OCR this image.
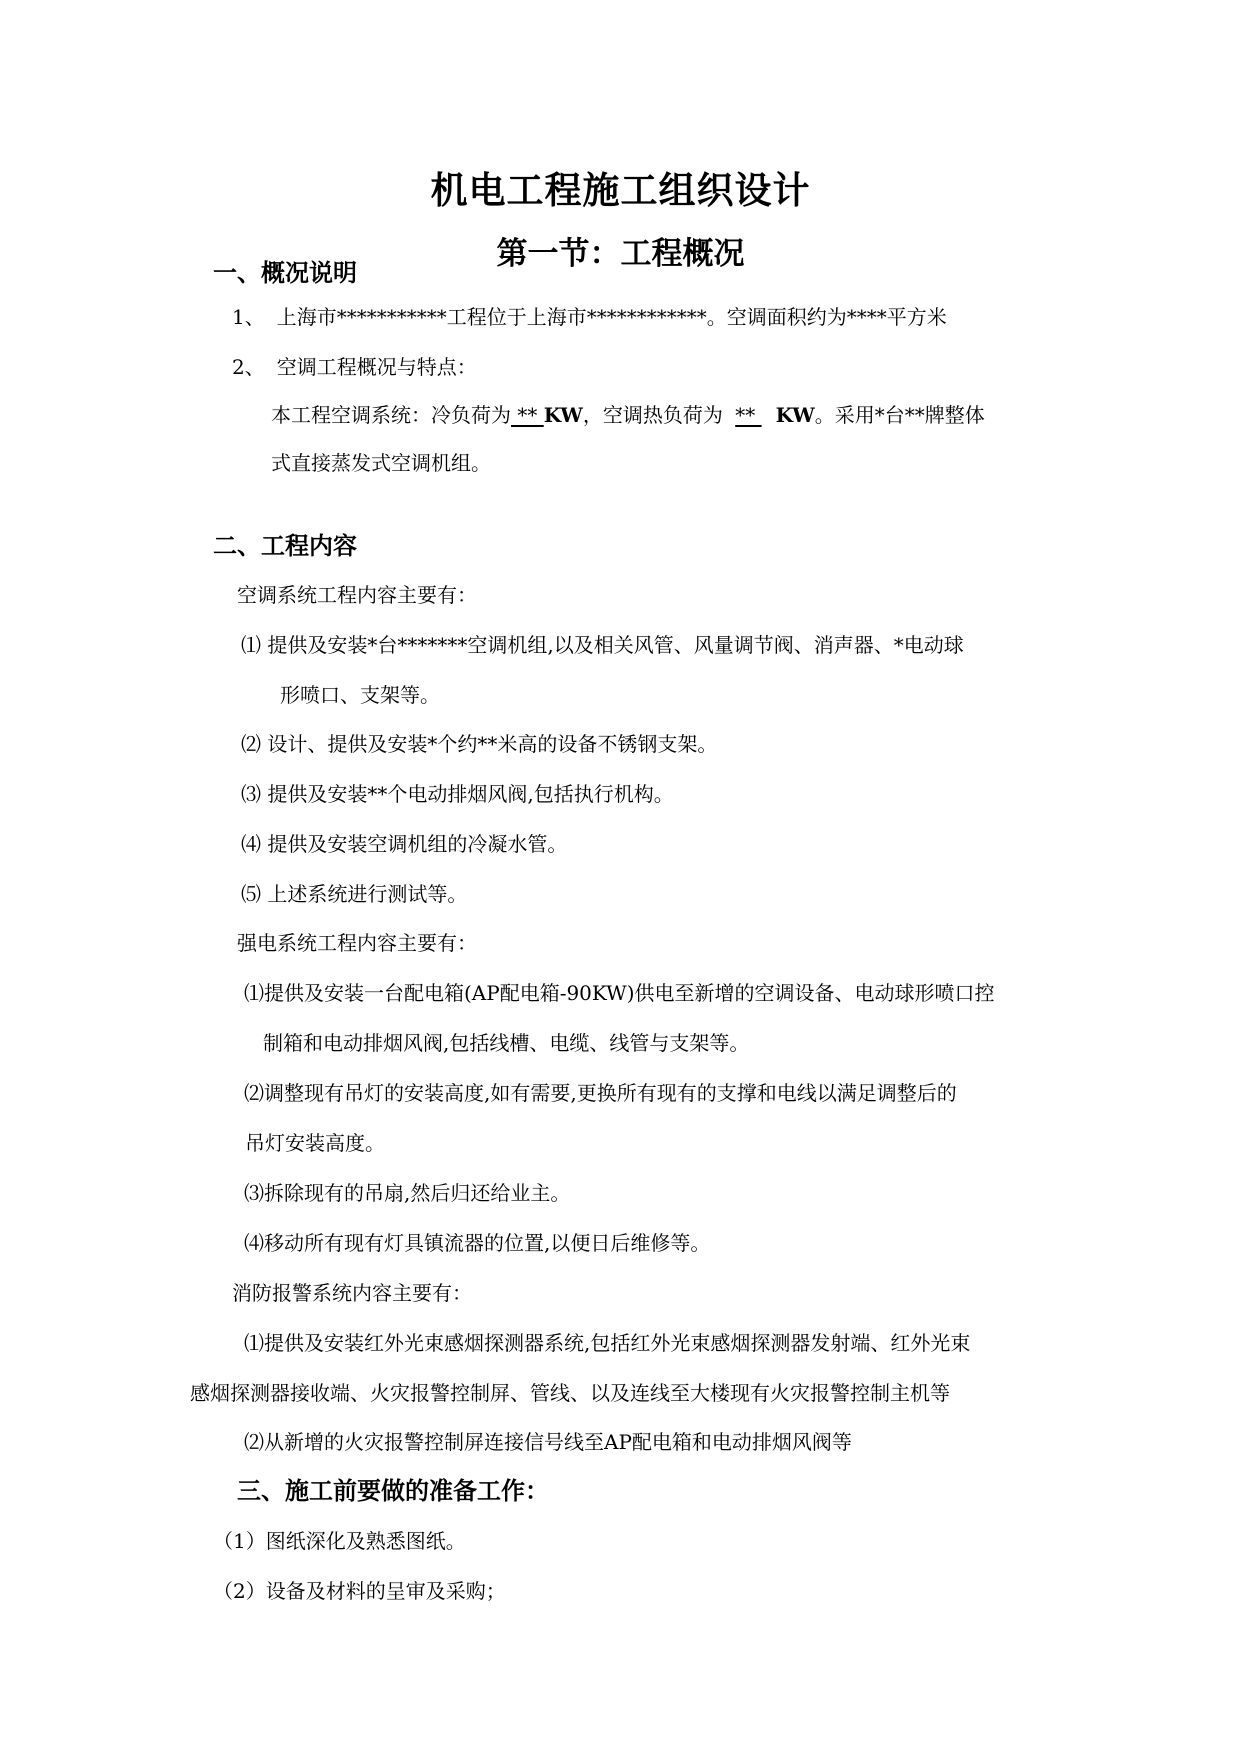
机电工程施工组织设计
第一节：工程概况
一、概况说明
1、 上海市***********工程位于上海市************。空调面积约为****平方米
2、 空调工程概况与特点：
本工程空调系统：冷负荷为 ** KW，空调热负荷为 ** KW。采用*台**牌整体
式直接蒸发式空调机组。
二、工程内容
空调系统工程内容主要有：
⑴ 提供及安装*台*******空调机组,以及相关风管、风量调节阀、消声器、*电动球
形喷口、支架等。
⑵ 设计、提供及安装*个约**米高的设备不锈钢支架。
⑶ 提供及安装**个电动排烟风阀,包括执行机构。
⑷ 提供及安装空调机组的冷凝水管。
⑸ 上述系统进行测试等。
强电系统工程内容主要有：
⑴提供及安装一台配电箱(AP配电箱-90KW)供电至新增的空调设备、电动球形喷口控
制箱和电动排烟风阀,包括线槽、电缆、线管与支架等。
⑵调整现有吊灯的安装高度,如有需要,更换所有现有的支撑和电线以满足调整后的
吊灯安装高度。
⑶拆除现有的吊扇,然后归还给业主。
⑷移动所有现有灯具镇流器的位置,以便日后维修等。
消防报警系统内容主要有：
⑴提供及安装红外光束感烟探测器系统,包括红外光束感烟探测器发射端、红外光束
感烟探测器接收端、火灾报警控制屏、管线、以及连线至大楼现有火灾报警控制主机等
⑵从新增的火灾报警控制屏连接信号线至AP配电箱和电动排烟风阀等
三、施工前要做的准备工作：
（1）图纸深化及熟悉图纸。
（2）设备及材料的呈审及采购；
